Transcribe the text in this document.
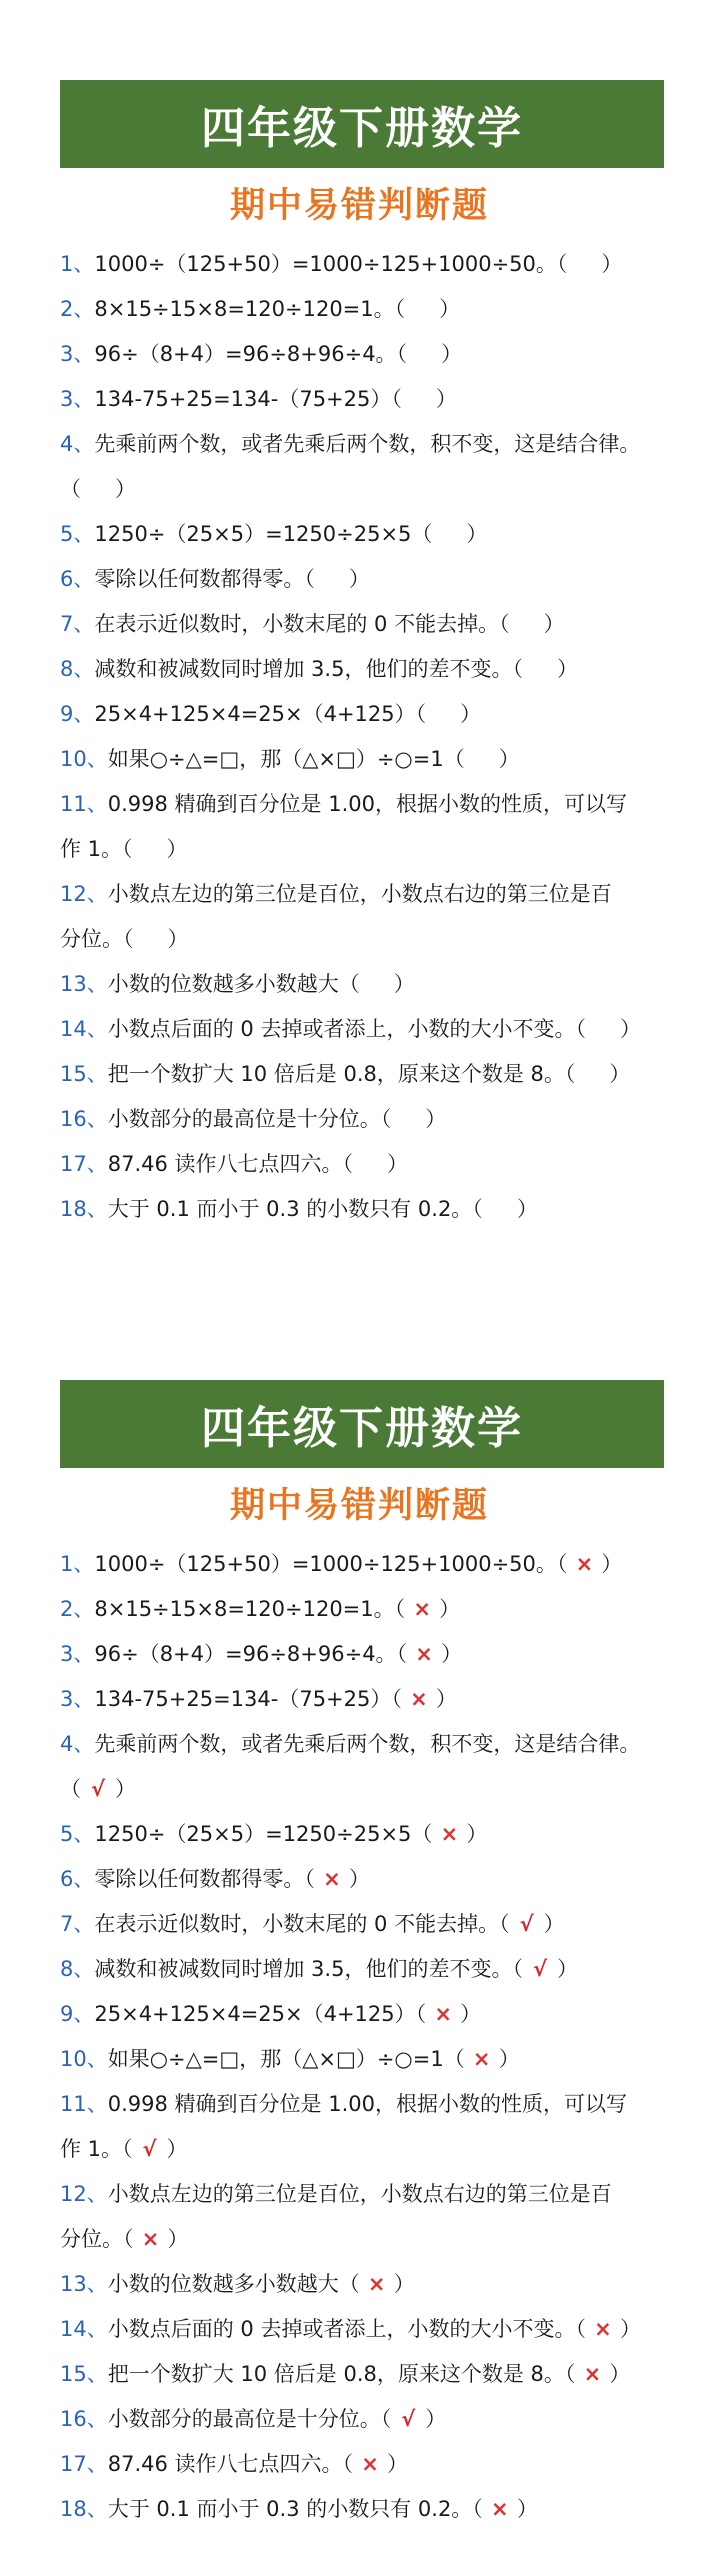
四年级下册数学
期中易错判断题
1、1000÷（125+50）=1000÷125+1000÷50。（ ）
2、8×15÷15×8=120÷120=1。（ ）
3、96÷（8+4）=96÷8+96÷4。（ ）
3、134-75+25=134-（75+25）（ ）
4、先乘前两个数，或者先乘后两个数，积不变，这是结合律。
（ ）
5、1250÷（25×5）=1250÷25×5（ ）
6、零除以任何数都得零。（ ）
7、在表示近似数时，小数末尾的 0 不能去掉。（ ）
8、减数和被减数同时增加 3.5，他们的差不变。（ ）
9、25×4+125×4=25×（4+125）（ ）
10、如果○÷△=□，那（△×□）÷○=1（ ）
11、0.998 精确到百分位是 1.00，根据小数的性质，可以写
作 1。（ ）
12、小数点左边的第三位是百位，小数点右边的第三位是百
分位。（ ）
13、小数的位数越多小数越大（ ）
14、小数点后面的 0 去掉或者添上，小数的大小不变。（ ）
15、把一个数扩大 10 倍后是 0.8，原来这个数是 8。（ ）
16、小数部分的最高位是十分位。（ ）
17、87.46 读作八七点四六。（ ）
18、大于 0.1 而小于 0.3 的小数只有 0.2。（ ）
四年级下册数学
期中易错判断题
1、1000÷（125+50）=1000÷125+1000÷50。（ × ）
2、8×15÷15×8=120÷120=1。（ × ）
3、96÷（8+4）=96÷8+96÷4。（ × ）
3、134-75+25=134-（75+25）（ × ）
4、先乘前两个数，或者先乘后两个数，积不变，这是结合律。
（ √ ）
5、1250÷（25×5）=1250÷25×5（ × ）
6、零除以任何数都得零。（ × ）
7、在表示近似数时，小数末尾的 0 不能去掉。（ √ ）
8、减数和被减数同时增加 3.5，他们的差不变。（ √ ）
9、25×4+125×4=25×（4+125）（ × ）
10、如果○÷△=□，那（△×□）÷○=1（ × ）
11、0.998 精确到百分位是 1.00，根据小数的性质，可以写
作 1。（ √ ）
12、小数点左边的第三位是百位，小数点右边的第三位是百
分位。（ × ）
13、小数的位数越多小数越大（ × ）
14、小数点后面的 0 去掉或者添上，小数的大小不变。（ × ）
15、把一个数扩大 10 倍后是 0.8，原来这个数是 8。（ × ）
16、小数部分的最高位是十分位。（ √ ）
17、87.46 读作八七点四六。（ × ）
18、大于 0.1 而小于 0.3 的小数只有 0.2。（ × ）
